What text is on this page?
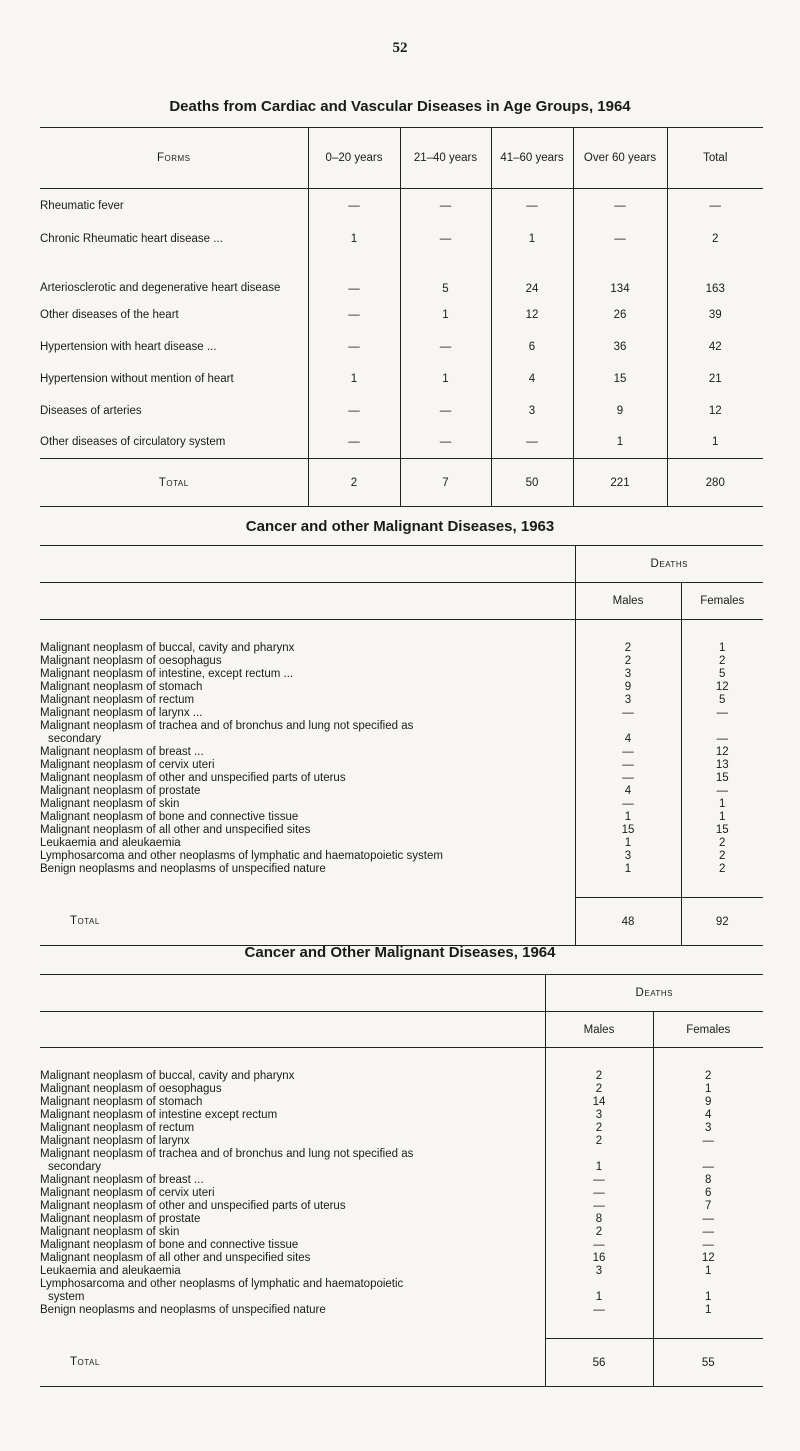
52
Deaths from Cardiac and Vascular Diseases in Age Groups, 1964
Forms	0–20 years	21–40 years	41–60 years	Over 60 years	Total
Rheumatic fever	—	—	—	—	—
Chronic Rheumatic heart disease ...	1	—	1	—	2
Arteriosclerotic and degenerative heart disease	—	5	24	134	163
Other diseases of the heart	—	1	12	26	39
Hypertension with heart disease ...	—	—	6	36	42
Hypertension without mention of heart	1	1	4	15	21
Diseases of arteries	—	—	3	9	12
Other diseases of circulatory system	—	—	—	1	1
Total	2	7	50	221	280
Cancer and other Malignant Diseases, 1963
	Deaths	
	Males	Females

Malignant neoplasm of buccal, cavity and pharynx	2	1
Malignant neoplasm of oesophagus	2	2
Malignant neoplasm of intestine, except rectum ...	3	5
Malignant neoplasm of stomach	9	12
Malignant neoplasm of rectum	3	5
Malignant neoplasm of larynx ...	—	—
Malignant neoplasm of trachea and of bronchus and lung not specified as		
secondary	4	—
Malignant neoplasm of breast ...	—	12
Malignant neoplasm of cervix uteri	—	13
Malignant neoplasm of other and unspecified parts of uterus	—	15
Malignant neoplasm of prostate	4	—
Malignant neoplasm of skin	—	1
Malignant neoplasm of bone and connective tissue	1	1
Malignant neoplasm of all other and unspecified sites	15	15
Leukaemia and aleukaemia	1	2
Lymphosarcoma and other neoplasms of lymphatic and haematopoietic system	3	2
Benign neoplasms and neoplasms of unspecified nature	1	2

Total	48	92
Cancer and Other Malignant Diseases, 1964
	Deaths	
	Males	Females

Malignant neoplasm of buccal, cavity and pharynx	2	2
Malignant neoplasm of oesophagus	2	1
Malignant neoplasm of stomach	14	9
Malignant neoplasm of intestine except rectum	3	4
Malignant neoplasm of rectum	2	3
Malignant neoplasm of larynx	2	—
Malignant neoplasm of trachea and of bronchus and lung not specified as		
secondary	1	—
Malignant neoplasm of breast ...	—	8
Malignant neoplasm of cervix uteri	—	6
Malignant neoplasm of other and unspecified parts of uterus	—	7
Malignant neoplasm of prostate	8	—
Malignant neoplasm of skin	2	—
Malignant neoplasm of bone and connective tissue	—	—
Malignant neoplasm of all other and unspecified sites	16	12
Leukaemia and aleukaemia	3	1
Lymphosarcoma and other neoplasms of lymphatic and haematopoietic		
system	1	1
Benign neoplasms and neoplasms of unspecified nature	—	1

Total	56	55
